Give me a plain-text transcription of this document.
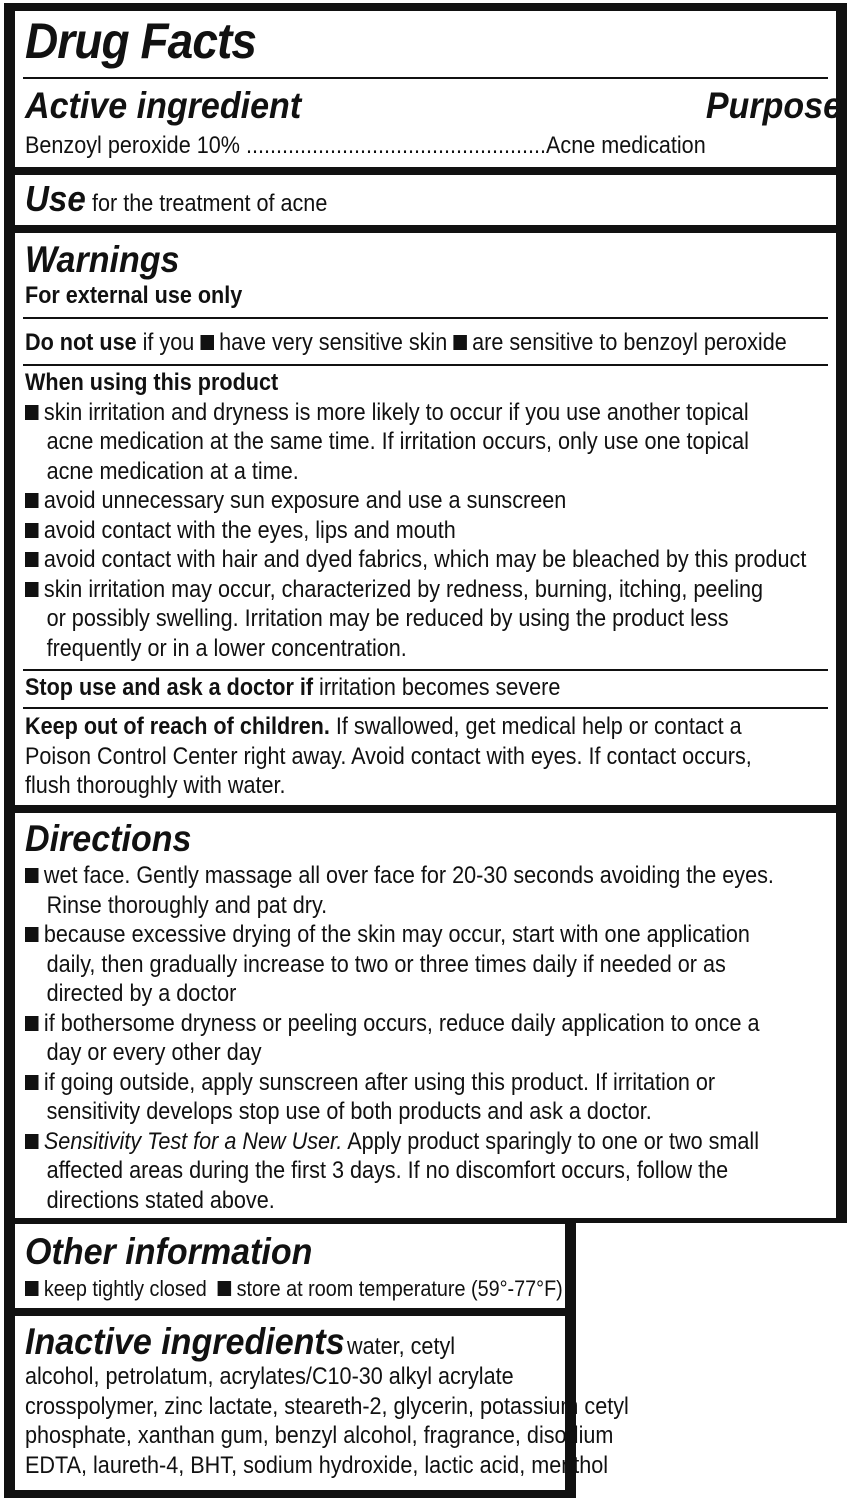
Drug Facts
Active ingredient	Purpose
Benzoyl peroxide 10% ..................................................Acne medication
Use for the treatment of acne
Warnings
For external use only
Do not use if you have very sensitive skin are sensitive to benzoyl peroxide
When using this product
skin irritation and dryness is more likely to occur if you use another topical
acne medication at the same time. If irritation occurs, only use one topical
acne medication at a time.
avoid unnecessary sun exposure and use a sunscreen
avoid contact with the eyes, lips and mouth
avoid contact with hair and dyed fabrics, which may be bleached by this product
skin irritation may occur, characterized by redness, burning, itching, peeling
or possibly swelling. Irritation may be reduced by using the product less
frequently or in a lower concentration.
Stop use and ask a doctor if irritation becomes severe
Keep out of reach of children. If swallowed, get medical help or contact a
Poison Control Center right away. Avoid contact with eyes. If contact occurs,
flush thoroughly with water.
Directions
wet face. Gently massage all over face for 20-30 seconds avoiding the eyes.
Rinse thoroughly and pat dry.
because excessive drying of the skin may occur, start with one application
daily, then gradually increase to two or three times daily if needed or as
directed by a doctor
if bothersome dryness or peeling occurs, reduce daily application to once a
day or every other day
if going outside, apply sunscreen after using this product. If irritation or
sensitivity develops stop use of both products and ask a doctor.
Sensitivity Test for a New User. Apply product sparingly to one or two small
affected areas during the first 3 days. If no discomfort occurs, follow the
directions stated above.
Other information
keep tightly closed store at room temperature (59°-77°F)
Inactive ingredientswater, cetyl
alcohol, petrolatum, acrylates/C10-30 alkyl acrylate
crosspolymer, zinc lactate, steareth-2, glycerin, potassium cetyl
phosphate, xanthan gum, benzyl alcohol, fragrance, disodium
EDTA, laureth-4, BHT, sodium hydroxide, lactic acid, menthol
